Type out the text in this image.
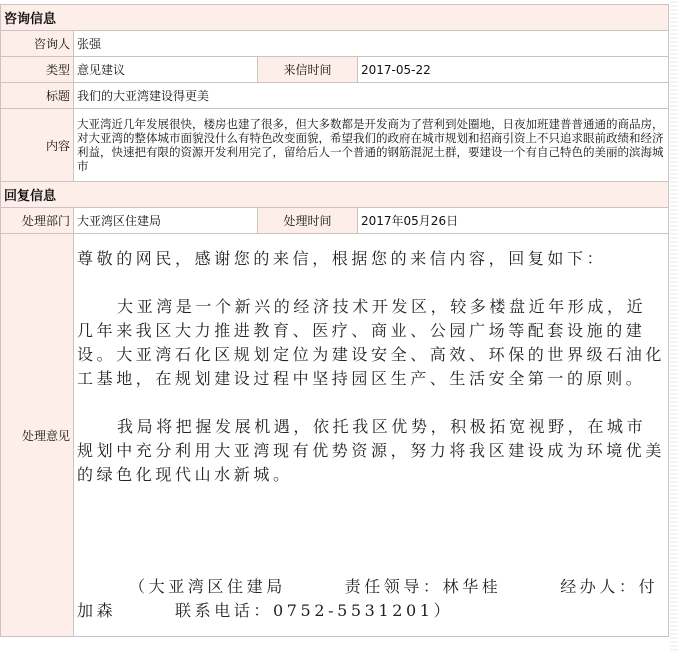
咨询信息			
咨询人	张强		
类型	意见建议	来信时间	2017-05-22
标题	我们的大亚湾建设得更美		
内容	大亚湾近几年发展很快，楼房也建了很多，但大多数都是开发商为了营利到处圈地，日夜加班建普普通通的商品房，对大亚湾的整体城市面貌没什么有特色改变面貌，希望我们的政府在城市规划和招商引资上不只追求眼前政绩和经济利益，快速把有限的资源开发利用完了，留给后人一个普通的钢筋混泥土群，要建设一个有自己特色的美丽的滨海城市		
回复信息			
处理部门	大亚湾区住建局	处理时间	2017年05月26日
处理意见	尊敬的网民，感谢您的来信，根据您的来信内容，回复如下：

大亚湾是一个新兴的经济技术开发区，较多楼盘近年形成，近几年来我区大力推进教育、医疗、商业、公园广场等配套设施的建设。大亚湾石化区规划定位为建设安全、高效、环保的世界级石油化工基地，在规划建设过程中坚持园区生产、生活安全第一的原则。

我局将把握发展机遇，依托我区优势，积极拓宽视野，在城市规划中充分利用大亚湾现有优势资源，努力将我区建设成为环境优美的绿色化现代山水新城。

（大亚湾区住建局　　　责任领导：林华桂　　　经办人：付加森　　　联系电话：0752-5531201）		
